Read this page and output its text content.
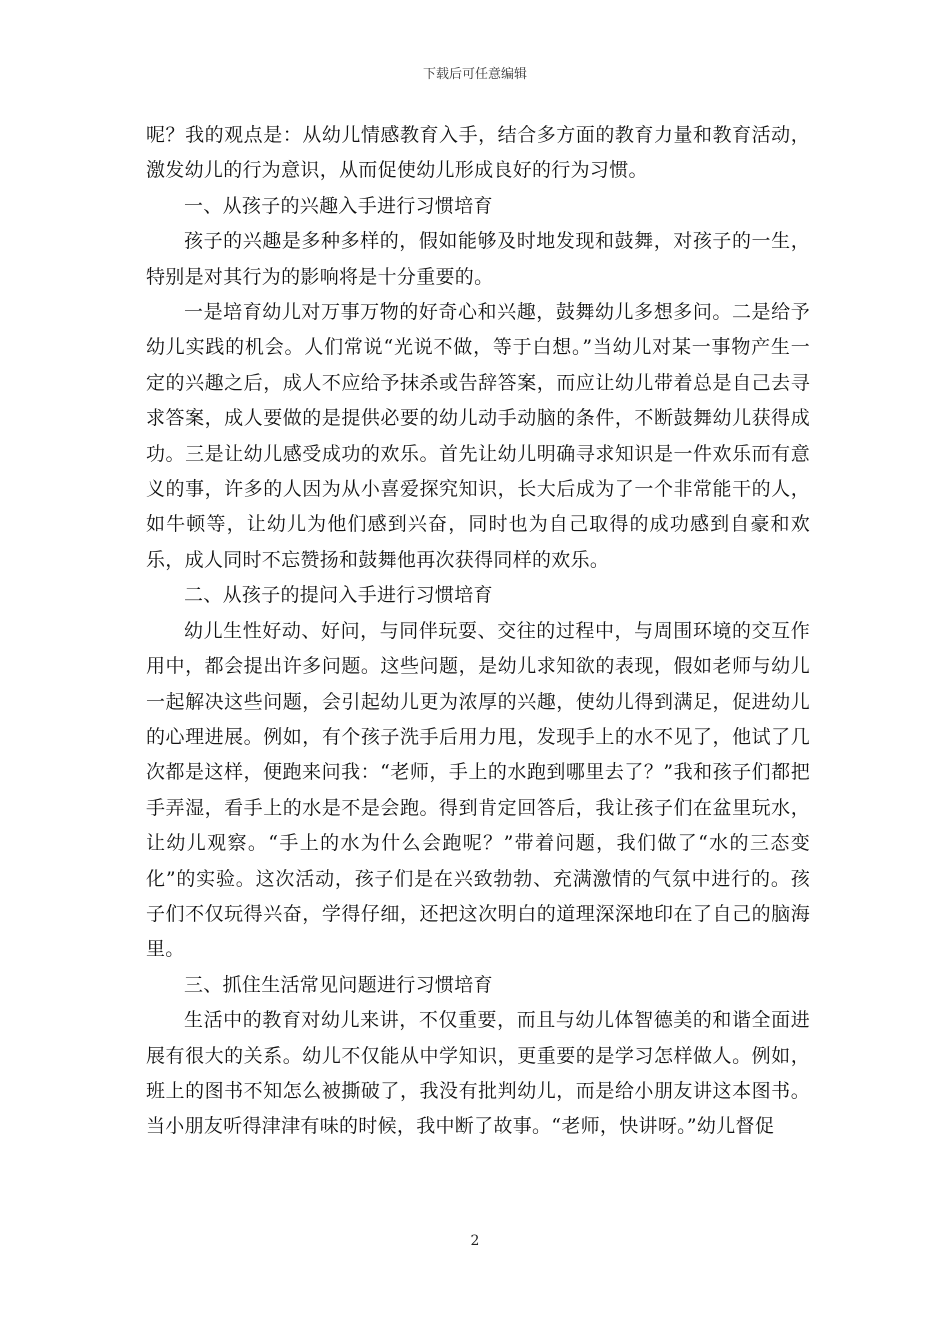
下载后可任意编辑

呢？我的观点是：从幼儿情感教育入手，结合多方面的教育力量和教育活动，激发幼儿的行为意识，从而促使幼儿形成良好的行为习惯。

一、从孩子的兴趣入手进行习惯培育

孩子的兴趣是多种多样的，假如能够及时地发现和鼓舞，对孩子的一生，特别是对其行为的影响将是十分重要的。

一是培育幼儿对万事万物的好奇心和兴趣，鼓舞幼儿多想多问。二是给予幼儿实践的机会。人们常说“光说不做，等于白想。”当幼儿对某一事物产生一定的兴趣之后，成人不应给予抹杀或告辞答案，而应让幼儿带着总是自己去寻求答案，成人要做的是提供必要的幼儿动手动脑的条件，不断鼓舞幼儿获得成功。三是让幼儿感受成功的欢乐。首先让幼儿明确寻求知识是一件欢乐而有意义的事，许多的人因为从小喜爱探究知识，长大后成为了一个非常能干的人，如牛顿等，让幼儿为他们感到兴奋，同时也为自己取得的成功感到自豪和欢乐，成人同时不忘赞扬和鼓舞他再次获得同样的欢乐。

二、从孩子的提问入手进行习惯培育

幼儿生性好动、好问，与同伴玩耍、交往的过程中，与周围环境的交互作用中，都会提出许多问题。这些问题，是幼儿求知欲的表现，假如老师与幼儿一起解决这些问题，会引起幼儿更为浓厚的兴趣，使幼儿得到满足，促进幼儿的心理进展。例如，有个孩子洗手后用力甩，发现手上的水不见了，他试了几次都是这样，便跑来问我：“老师，手上的水跑到哪里去了？”我和孩子们都把手弄湿，看手上的水是不是会跑。得到肯定回答后，我让孩子们在盆里玩水，让幼儿观察。“手上的水为什么会跑呢？”带着问题，我们做了“水的三态变化”的实验。这次活动，孩子们是在兴致勃勃、充满激情的气氛中进行的。孩子们不仅玩得兴奋，学得仔细，还把这次明白的道理深深地印在了自己的脑海里。

三、抓住生活常见问题进行习惯培育

生活中的教育对幼儿来讲，不仅重要，而且与幼儿体智德美的和谐全面进展有很大的关系。幼儿不仅能从中学知识，更重要的是学习怎样做人。例如，班上的图书不知怎么被撕破了，我没有批判幼儿，而是给小朋友讲这本图书。当小朋友听得津津有味的时候，我中断了故事。“老师，快讲呀。”幼儿督促

2
